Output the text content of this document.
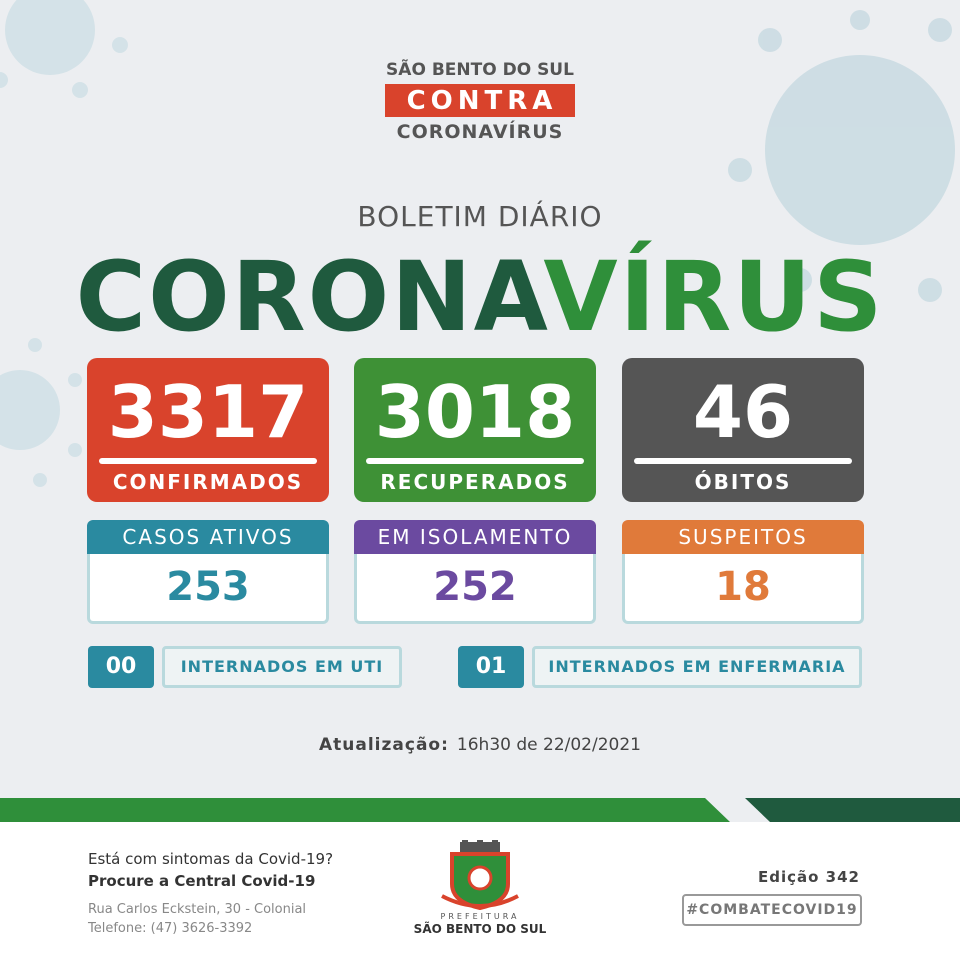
SÃO BENTO DO SUL
CONTRA
CORONAVÍRUS
BOLETIM DIÁRIO
CORONAVÍRUS
3317
CONFIRMADOS
3018
RECUPERADOS
46
ÓBITOS
CASOS ATIVOS
253
EM ISOLAMENTO
252
SUSPEITOS
18
00	INTERNADOS EM UTI	01	INTERNADOS EM ENFERMARIA
Atualização: 16h30 de 22/02/2021
Está com sintomas da Covid-19?
Procure a Central Covid-19
Rua Carlos Eckstein, 30 - Colonial
Telefone: (47) 3626-3392
PREFEITURA
SÃO BENTO DO SUL
Edição 342
#COMBATECOVID19
